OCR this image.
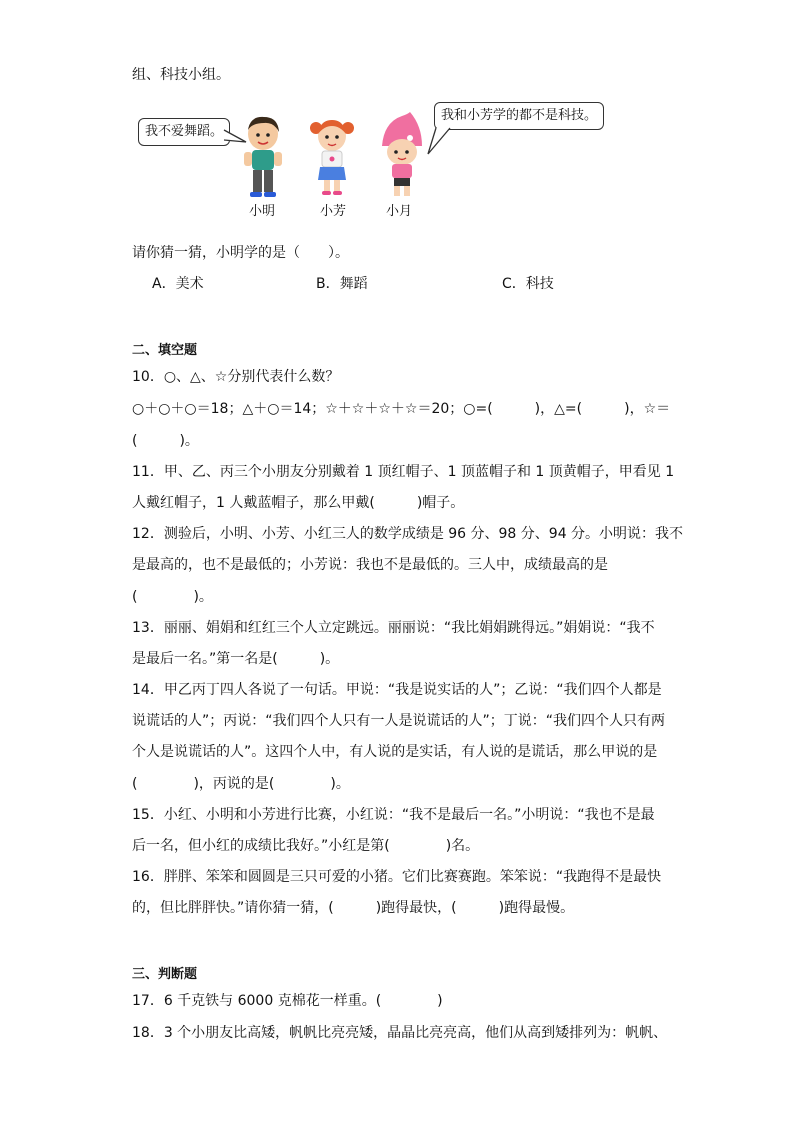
组、科技小组。
我不爱舞蹈。
我和小芳学的都不是科技。
小明	小芳	小月
请你猜一猜，小明学的是（　　）。
A．美术	B．舞蹈	C．科技
二、填空题
10．○、△、☆分别代表什么数？
○＋○＋○＝18；△＋○＝14；☆＋☆＋☆＋☆＝20；○=(　　　)，△=(　　　)，☆＝
(　　　)。
11．甲、乙、丙三个小朋友分别戴着 1 顶红帽子、1 顶蓝帽子和 1 顶黄帽子，甲看见 1
人戴红帽子，1 人戴蓝帽子，那么甲戴(　　　)帽子。
12．测验后，小明、小芳、小红三人的数学成绩是 96 分、98 分、94 分。小明说：我不
是最高的，也不是最低的；小芳说：我也不是最低的。三人中，成绩最高的是
(　　　　)。
13．丽丽、娟娟和红红三个人立定跳远。丽丽说：“我比娟娟跳得远。”娟娟说：“我不
是最后一名。”第一名是(　　　)。
14．甲乙丙丁四人各说了一句话。甲说：“我是说实话的人”；乙说：“我们四个人都是
说谎话的人”；丙说：“我们四个人只有一人是说谎话的人”；丁说：“我们四个人只有两
个人是说谎话的人”。这四个人中，有人说的是实话，有人说的是谎话，那么甲说的是
(　　　　)，丙说的是(　　　　)。
15．小红、小明和小芳进行比赛，小红说：“我不是最后一名。”小明说：“我也不是最
后一名，但小红的成绩比我好。”小红是第(　　　　)名。
16．胖胖、笨笨和圆圆是三只可爱的小猪。它们比赛赛跑。笨笨说：“我跑得不是最快
的，但比胖胖快。”请你猜一猜，(　　　)跑得最快，(　　　)跑得最慢。
三、判断题
17．6 千克铁与 6000 克棉花一样重。(　　　　)
18．3 个小朋友比高矮，帆帆比亮亮矮，晶晶比亮亮高，他们从高到矮排列为：帆帆、
